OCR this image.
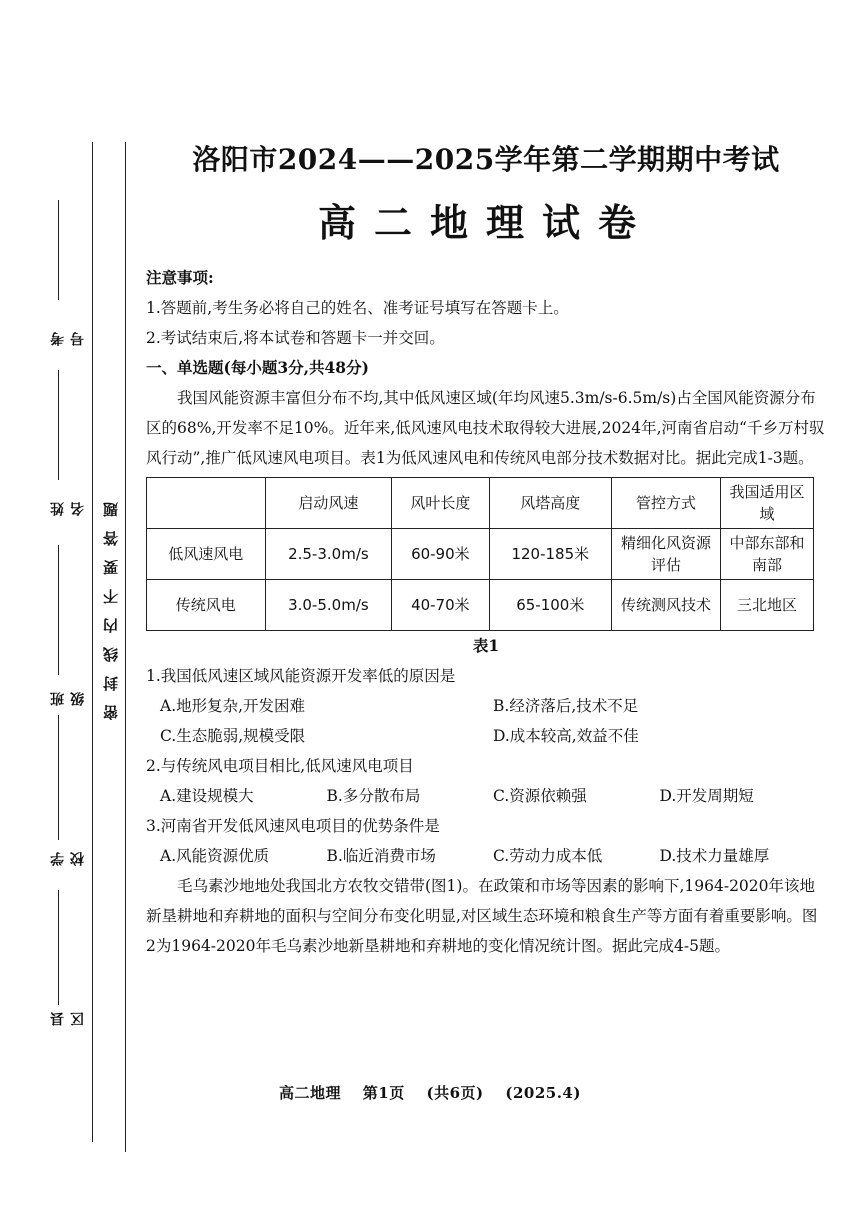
考号
姓名
班级
学校
县区
密封线内不要答题
洛阳市2024——2025学年第二学期期中考试
高二地理试卷

注意事项:

1.答题前,考生务必将自己的姓名、准考证号填写在答题卡上。

2.考试结束后,将本试卷和答题卡一并交回。

一、单选题(每小题3分,共48分)

我国风能资源丰富但分布不均,其中低风速区域(年均风速5.3m/s-6.5m/s)占全国风能资源分布区的68%,开发率不足10%。近年来,低风速风电技术取得较大进展,2024年,河南省启动“千乡万村驭风行动”,推广低风速风电项目。表1为低风速风电和传统风电部分技术数据对比。据此完成1-3题。

	启动风速	风叶长度	风塔高度	管控方式	我国适用区域
低风速风电	2.5-3.0m/s	60-90米	120-185米	精细化风资源评估	中部东部和南部
传统风电	3.0-5.0m/s	40-70米	65-100米	传统测风技术	三北地区
表1

1.我国低风速区域风能资源开发率低的原因是

A.地形复杂,开发困难	B.经济落后,技术不足
C.生态脆弱,规模受限	D.成本较高,效益不佳

2.与传统风电项目相比,低风速风电项目

A.建设规模大	B.多分散布局	C.资源依赖强	D.开发周期短

3.河南省开发低风速风电项目的优势条件是

A.风能资源优质	B.临近消费市场	C.劳动力成本低	D.技术力量雄厚

毛乌素沙地地处我国北方农牧交错带(图1)。在政策和市场等因素的影响下,1964-2020年该地新垦耕地和弃耕地的面积与空间分布变化明显,对区域生态环境和粮食生产等方面有着重要影响。图2为1964-2020年毛乌素沙地新垦耕地和弃耕地的变化情况统计图。据此完成4-5题。

高二地理 第1页 (共6页) (2025.4)
